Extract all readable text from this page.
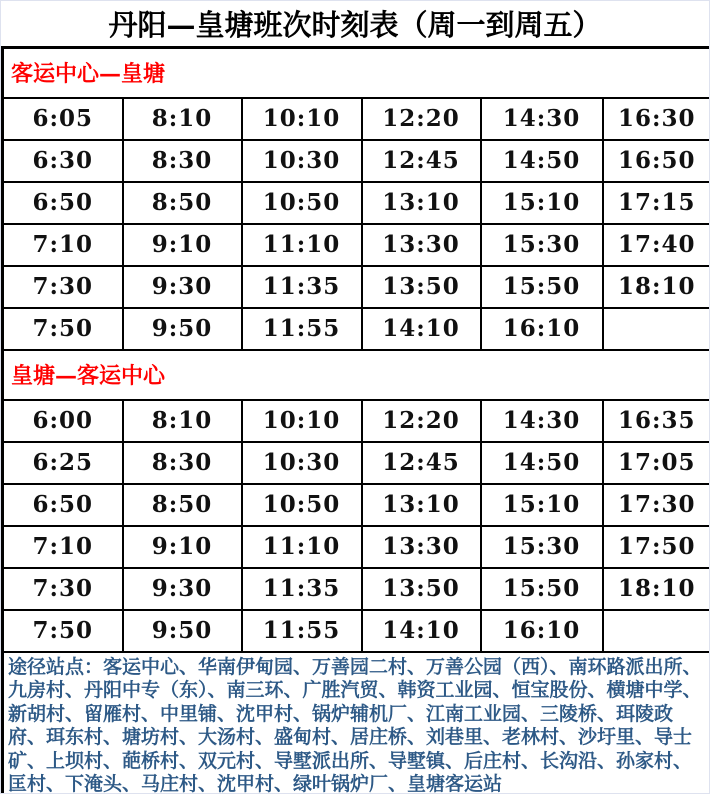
丹阳—皇塘班次时刻表（周一到周五）
客运中心—皇塘					
6:05	8:10	10:10	12:20	14:30	16:30
6:30	8:30	10:30	12:45	14:50	16:50
6:50	8:50	10:50	13:10	15:10	17:15
7:10	9:10	11:10	13:30	15:30	17:40
7:30	9:30	11:35	13:50	15:50	18:10
7:50	9:50	11:55	14:10	16:10	
皇塘—客运中心					
6:00	8:10	10:10	12:20	14:30	16:35
6:25	8:30	10:30	12:45	14:50	17:05
6:50	8:50	10:50	13:10	15:10	17:30
7:10	9:10	11:10	13:30	15:30	17:50
7:30	9:30	11:35	13:50	15:50	18:10
7:50	9:50	11:55	14:10	16:10	
途径站点：客运中心、华南伊甸园、万善园二村、万善公园（西）、南环路派出所、九房村、丹阳中专（东）、南三环、广胜汽贸、韩资工业园、恒宝股份、横塘中学、新胡村、留雁村、中里铺、沈甲村、锅炉辅机厂、江南工业园、三陵桥、珥陵政府、珥东村、塘坊村、大汤村、盛甸村、居庄桥、刘巷里、老林村、沙圩里、导士矿、上坝村、葩桥村、双元村、导墅派出所、导墅镇、后庄村、长沟沿、孙家村、匡村、下淹头、马庄村、沈甲村、绿叶锅炉厂、皇塘客运站					
